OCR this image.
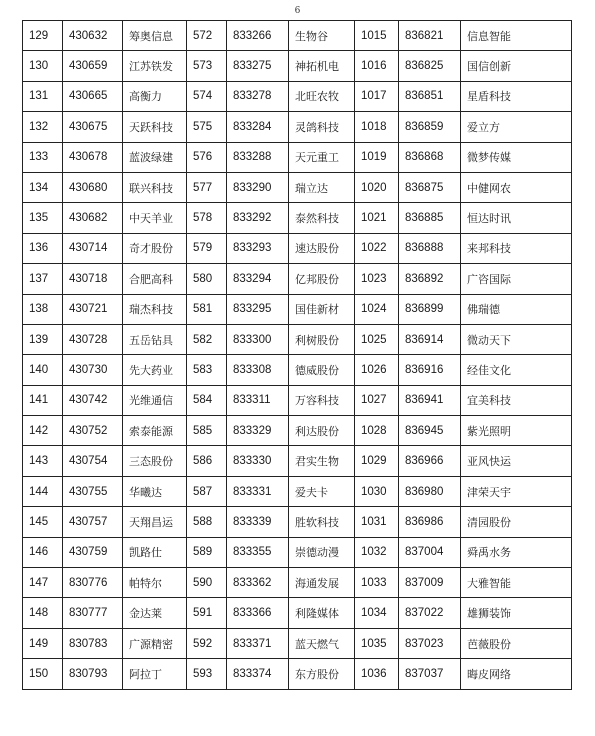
6
129	430632	筹奥信息	572	833266	生物谷	1015	836821	信息智能
130	430659	江苏铁发	573	833275	神拓机电	1016	836825	国信创新
131	430665	高衡力	574	833278	北旺农牧	1017	836851	星盾科技
132	430675	天跃科技	575	833284	灵鸽科技	1018	836859	爱立方
133	430678	蓝波绿建	576	833288	天元重工	1019	836868	微梦传媒
134	430680	联兴科技	577	833290	瑞立达	1020	836875	中健网农
135	430682	中天羊业	578	833292	泰然科技	1021	836885	恒达时讯
136	430714	奇才股份	579	833293	速达股份	1022	836888	来邦科技
137	430718	合肥高科	580	833294	亿邦股份	1023	836892	广咨国际
138	430721	瑞杰科技	581	833295	国佳新材	1024	836899	佛瑞德
139	430728	五岳钻具	582	833300	利树股份	1025	836914	微动天下
140	430730	先大药业	583	833308	德威股份	1026	836916	经佳文化
141	430742	光维通信	584	833311	万容科技	1027	836941	宜美科技
142	430752	索泰能源	585	833329	利达股份	1028	836945	紫光照明
143	430754	三态股份	586	833330	君实生物	1029	836966	亚风快运
144	430755	华曦达	587	833331	爱夫卡	1030	836980	津荣天宇
145	430757	天翔昌运	588	833339	胜软科技	1031	836986	清园股份
146	430759	凯路仕	589	833355	崇德动漫	1032	837004	舜禹水务
147	830776	帕特尔	590	833362	海通发展	1033	837009	大雅智能
148	830777	金达莱	591	833366	利隆媒体	1034	837022	雄狮装饰
149	830783	广源精密	592	833371	蓝天燃气	1035	837023	芭薇股份
150	830793	阿拉丁	593	833374	东方股份	1036	837037	晦皮网络
